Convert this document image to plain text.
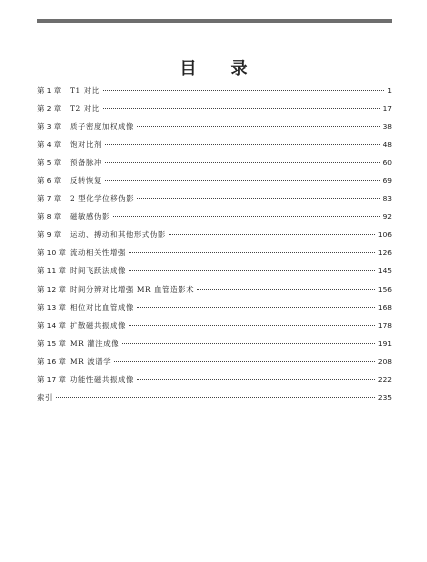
目 录
第 1 章	T1 对比	1
第 2 章	T2 对比	17
第 3 章	质子密度加权成像	38
第 4 章	饱对比剂	48
第 5 章	预备脉冲	60
第 6 章	反转恢复	69
第 7 章	2 型化学位移伪影	83
第 8 章	磁敏感伪影	92
第 9 章	运动、搏动和其他形式伪影	106
第 10 章 流动相关性增强	126
第 11 章 时间飞跃法成像	145
第 12 章 时间分辨对比增强 MR 血管造影术	156
第 13 章 相位对比血管成像	168
第 14 章 扩散磁共振成像	178
第 15 章 MR 灌注成像	191
第 16 章 MR 波谱学	208
第 17 章 功能性磁共振成像	222
索引	235
